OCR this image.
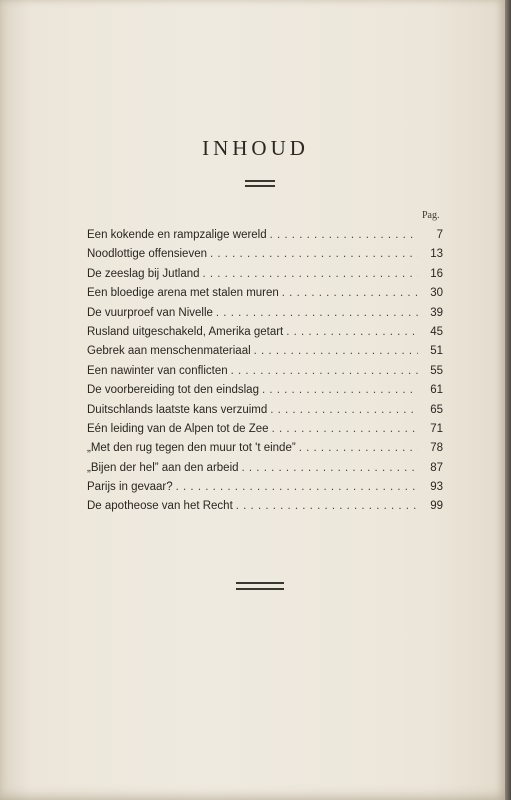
INHOUD
Pag.
Een kokende en rampzalige wereld . . .	7
Noodlottige offensieven . . .	13
De zeeslag bij Jutland . . .	16
Een bloedige arena met stalen muren . . .	30
De vuurproef van Nivelle . . .	39
Rusland uitgeschakeld, Amerika getart . . .	45
Gebrek aan menschenmateriaal . . .	51
Een nawinter van conflicten . . .	55
De voorbereiding tot den eindslag . . .	61
Duitschlands laatste kans verzuimd . . .	65
Eén leiding van de Alpen tot de Zee . . .	71
„Met den rug tegen den muur tot 't einde” . . .	78
„Bijen der hel” aan den arbeid . . .	87
Parijs in gevaar? . . .	93
De apotheose van het Recht . . .	99
